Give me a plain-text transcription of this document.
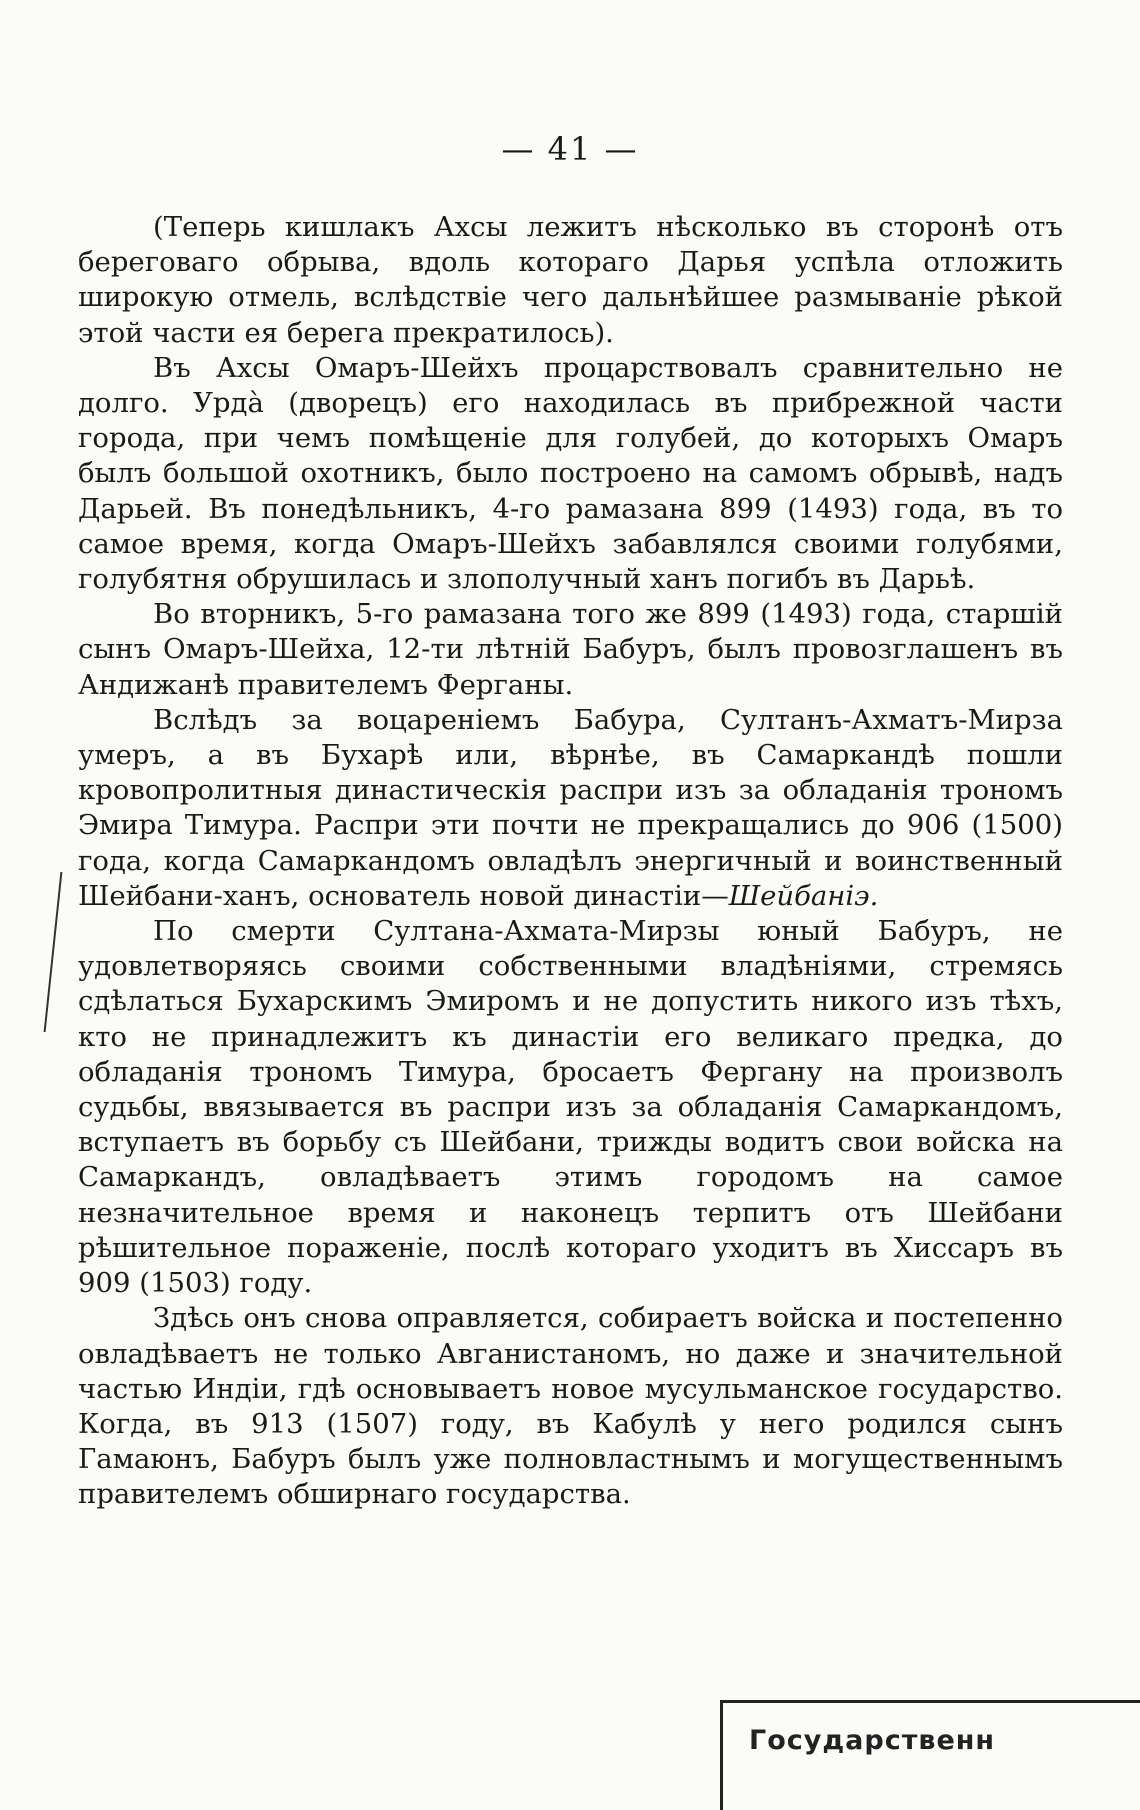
— 41 —

(Теперь кишлакъ Ахсы лежитъ нѣсколько въ сторонѣ отъ береговаго обрыва, вдоль котораго Дарья успѣла отложить широкую отмель, вслѣдствіе чего дальнѣйшее размываніе рѣкой этой части ея берега прекратилось).

Въ Ахсы Омаръ-Шейхъ процарствовалъ сравнительно не долго. Урдà (дворецъ) его находилась въ прибрежной части города, при чемъ помѣщеніе для голубей, до которыхъ Омаръ былъ большой охотникъ, было построено на самомъ обрывѣ, надъ Дарьей. Въ понедѣльникъ, 4-го рамазана 899 (1493) года, въ то самое время, когда Омаръ-Шейхъ забавлялся своими голубями, голубятня обрушилась и злополучный ханъ погибъ въ Дарьѣ.

Во вторникъ, 5-го рамазана того же 899 (1493) года, старшій сынъ Омаръ-Шейха, 12-ти лѣтній Бабуръ, былъ провозглашенъ въ Андижанѣ правителемъ Ферганы.

Вслѣдъ за воцареніемъ Бабура, Султанъ-Ахматъ-Мирза умеръ, а въ Бухарѣ или, вѣрнѣе, въ Самаркандѣ пошли кровопролитныя династическія распри изъ за обладанія трономъ Эмира Тимура. Распри эти почти не прекращались до 906 (1500) года, когда Самаркандомъ овладѣлъ энергичный и воинственный Шейбани-ханъ, основатель новой династіи—Шейбаніэ.

По смерти Султана-Ахмата-Мирзы юный Бабуръ, не удовлетворяясь своими собственными владѣніями, стремясь сдѣлаться Бухарскимъ Эмиромъ и не допустить никого изъ тѣхъ, кто не принадлежитъ къ династіи его великаго предка, до обладанія трономъ Тимура, бросаетъ Фергану на произволъ судьбы, ввязывается въ распри изъ за обладанія Самаркандомъ, вступаетъ въ борьбу съ Шейбани, трижды водитъ свои войска на Самаркандъ, овладѣваетъ этимъ городомъ на самое незначительное время и наконецъ терпитъ отъ Шейбани рѣшительное пораженіе, послѣ котораго уходитъ въ Хиссаръ въ 909 (1503) году.

Здѣсь онъ снова оправляется, собираетъ войска и постепенно овладѣваетъ не только Авганистаномъ, но даже и значительной частью Индіи, гдѣ основываетъ новое мусульманское государство. Когда, въ 913 (1507) году, въ Кабулѣ у него родился сынъ Гамаюнъ, Бабуръ былъ уже полновластнымъ и могущественнымъ правителемъ обширнаго государства.

Государственн
